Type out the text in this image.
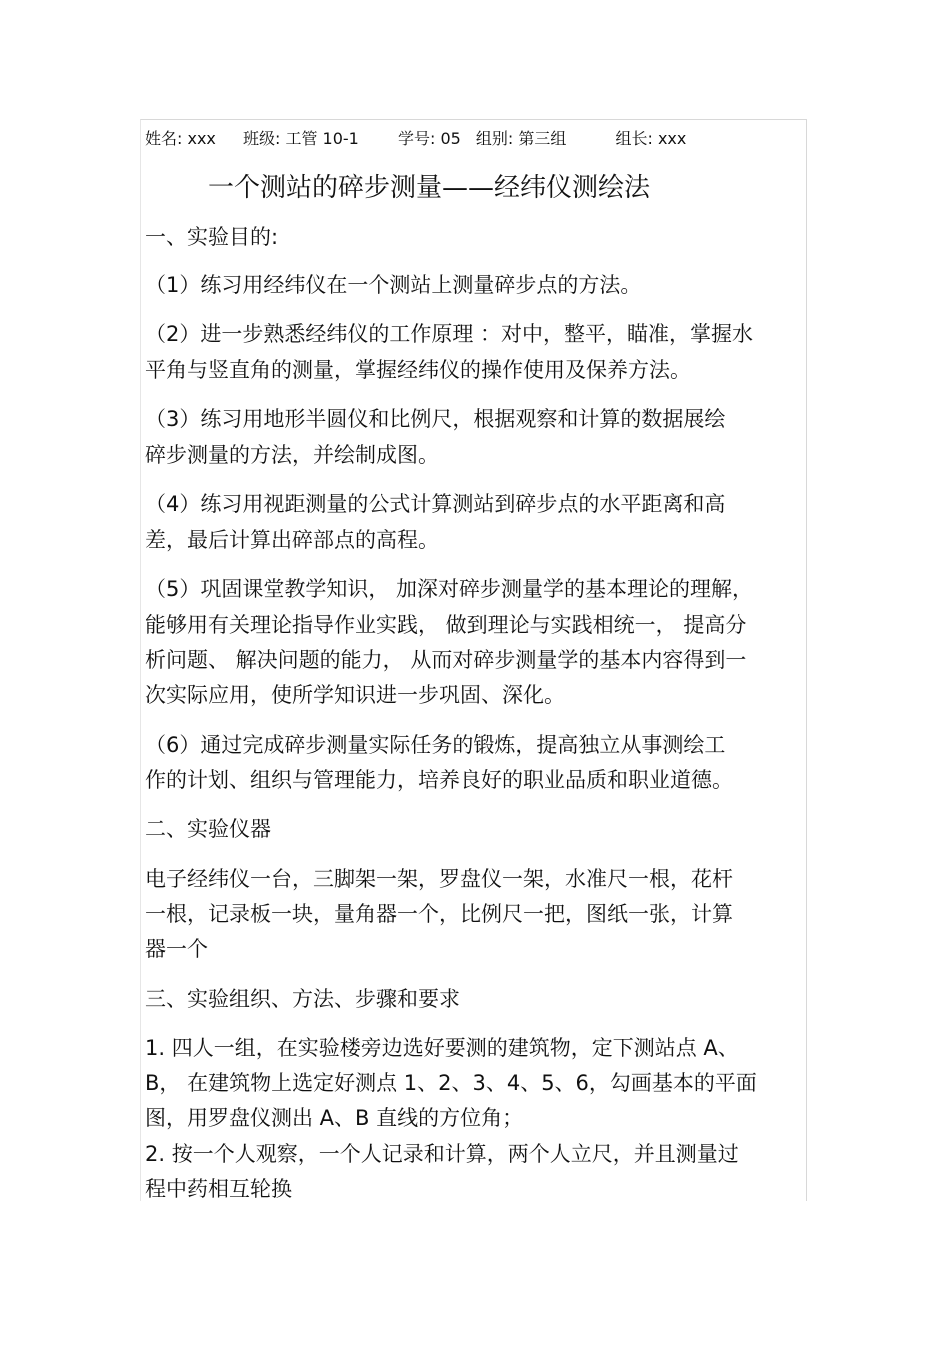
姓名: xxx 班级: 工管 10-1 学号: 05 组别: 第三组	组长: xxx
一个测站的碎步测量——经纬仪测绘法
一、实验目的:
（1）练习用经纬仪在一个测站上测量碎步点的方法。
（2）进一步熟悉经纬仪的工作原理 ：对中，整平，瞄准，掌握水
平角与竖直角的测量，掌握经纬仪的操作使用及保养方法。
（3）练习用地形半圆仪和比例尺，根据观察和计算的数据展绘
碎步测量的方法，并绘制成图。
（4）练习用视距测量的公式计算测站到碎步点的水平距离和高
差，最后计算出碎部点的高程。
（5）巩固课堂教学知识， 加深对碎步测量学的基本理论的理解，
能够用有关理论指导作业实践， 做到理论与实践相统一， 提高分
析问题、 解决问题的能力， 从而对碎步测量学的基本内容得到一
次实际应用，使所学知识进一步巩固、深化。
（6）通过完成碎步测量实际任务的锻炼，提高独立从事测绘工
作的计划、组织与管理能力，培养良好的职业品质和职业道德。
二、实验仪器
电子经纬仪一台，三脚架一架，罗盘仪一架，水准尺一根，花杆
一根，记录板一块，量角器一个，比例尺一把，图纸一张，计算
器一个
三、实验组织、方法、步骤和要求
1. 四人一组，在实验楼旁边选好要测的建筑物，定下测站点 A、
B， 在建筑物上选定好测点 1、2、3、4、5、6，勾画基本的平面
图，用罗盘仪测出 A、B 直线的方位角；
2. 按一个人观察，一个人记录和计算，两个人立尺，并且测量过
程中药相互轮换
